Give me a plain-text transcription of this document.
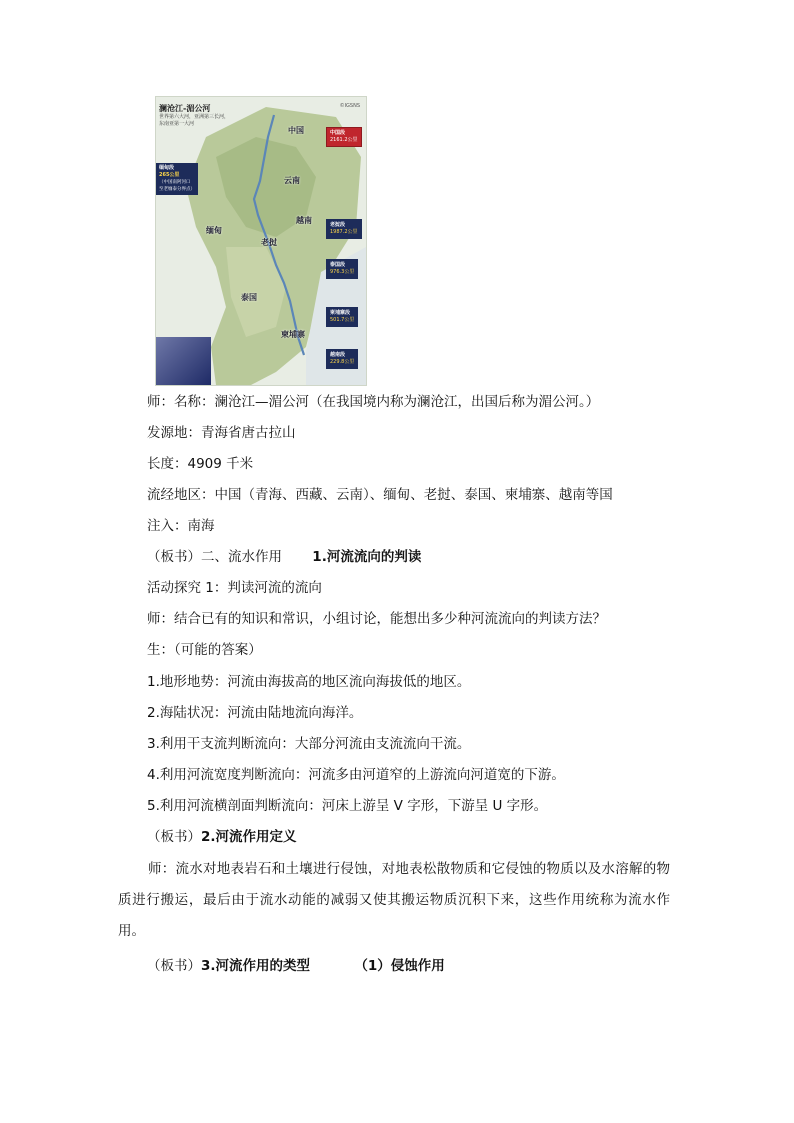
澜沧江-湄公河
世界第六大河，亚洲第三长河，
东南亚第一大河
©IGSNS
中国
云南
缅甸
老挝
越南
泰国
柬埔寨
缅甸段
265公里
（中国南阿河口
至老缅泰分界点）
中国段
2161.2公里
老挝段
1987.2公里
泰国段
976.3公里
柬埔寨段
501.7公里
越南段
229.8公里
师：名称：澜沧江—湄公河（在我国境内称为澜沧江，出国后称为湄公河。）
发源地：青海省唐古拉山
长度：4909 千米
流经地区：中国（青海、西藏、云南）、缅甸、老挝、泰国、柬埔寨、越南等国
注入：南海
（板书）二、流水作用 1.河流流向的判读
活动探究 1：判读河流的流向
师：结合已有的知识和常识，小组讨论，能想出多少种河流流向的判读方法？
生：（可能的答案）
1.地形地势：河流由海拔高的地区流向海拔低的地区。
2.海陆状况：河流由陆地流向海洋。
3.利用干支流判断流向：大部分河流由支流流向干流。
4.利用河流宽度判断流向：河流多由河道窄的上游流向河道宽的下游。
5.利用河流横剖面判断流向：河床上游呈 V 字形，下游呈 U 字形。
（板书）2.河流作用定义
师：流水对地表岩石和土壤进行侵蚀，对地表松散物质和它侵蚀的物质以及水溶解的物质进行搬运，最后由于流水动能的减弱又使其搬运物质沉积下来，这些作用统称为流水作用。
（板书）3.河流作用的类型	（1）侵蚀作用
